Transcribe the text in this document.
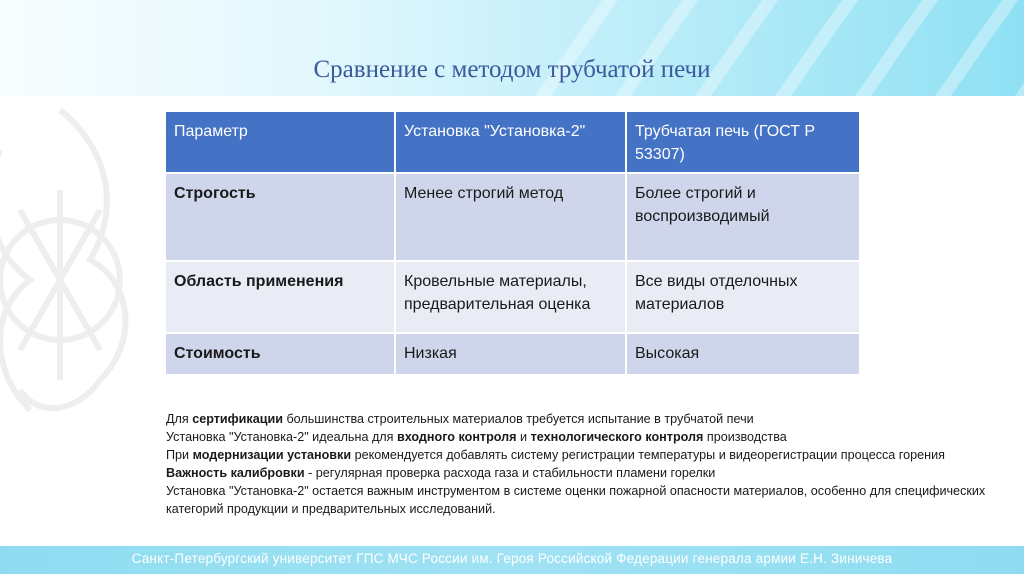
Сравнение с методом трубчатой печи
Параметр	Установка "Установка-2"	Трубчатая печь (ГОСТ Р 53307)
Строгость	Менее строгий метод	Более строгий и воспроизводимый
Область применения	Кровельные материалы, предварительная оценка	Все виды отделочных материалов
Стоимость	Низкая	Высокая

Для сертификации большинства строительных материалов требуется испытание в трубчатой печи

Установка "Установка-2" идеальна для входного контроля и технологического контроля производства

При модернизации установки рекомендуется добавлять систему регистрации температуры и видеорегистрации процесса горения

Важность калибровки - регулярная проверка расхода газа и стабильности пламени горелки

Установка "Установка-2" остается важным инструментом в системе оценки пожарной опасности материалов, особенно для специфических категорий продукции и предварительных исследований.

Санкт-Петербургский университет ГПС МЧС России им. Героя Российской Федерации генерала армии Е.Н. Зиничева
